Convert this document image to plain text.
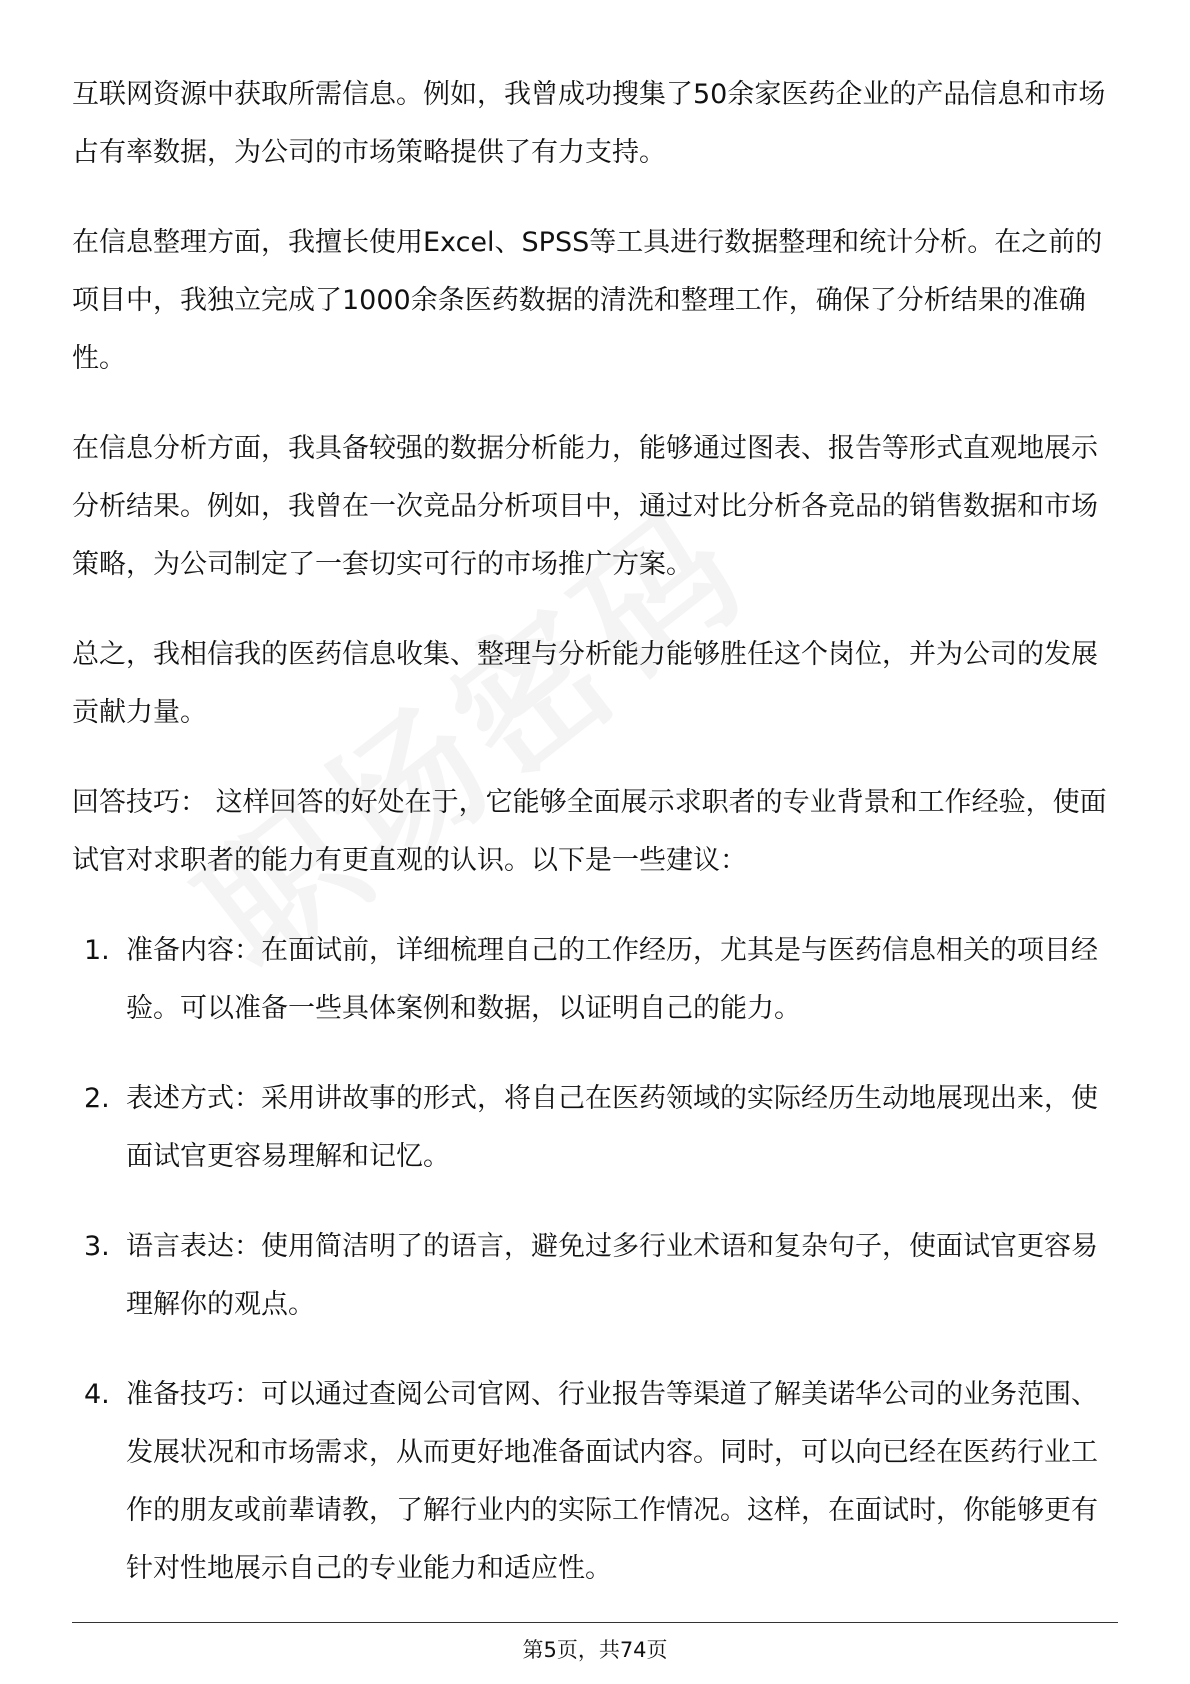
互联网资源中获取所需信息。例如，我曾成功搜集了50余家医药企业的产品信息和市场占有率数据，为公司的市场策略提供了有力支持。

在信息整理方面，我擅长使用Excel、SPSS等工具进行数据整理和统计分析。在之前的项目中，我独立完成了1000余条医药数据的清洗和整理工作，确保了分析结果的准确性。

在信息分析方面，我具备较强的数据分析能力，能够通过图表、报告等形式直观地展示分析结果。例如，我曾在一次竞品分析项目中，通过对比分析各竞品的销售数据和市场策略，为公司制定了一套切实可行的市场推广方案。

总之，我相信我的医药信息收集、整理与分析能力能够胜任这个岗位，并为公司的发展贡献力量。

回答技巧： 这样回答的好处在于，它能够全面展示求职者的专业背景和工作经验，使面试官对求职者的能力有更直观的认识。以下是一些建议：

1. 准备内容：在面试前，详细梳理自己的工作经历，尤其是与医药信息相关的项目经验。可以准备一些具体案例和数据，以证明自己的能力。
2. 表述方式：采用讲故事的形式，将自己在医药领域的实际经历生动地展现出来，使面试官更容易理解和记忆。
3. 语言表达：使用简洁明了的语言，避免过多行业术语和复杂句子，使面试官更容易理解你的观点。
4. 准备技巧：可以通过查阅公司官网、行业报告等渠道了解美诺华公司的业务范围、发展状况和市场需求，从而更好地准备面试内容。同时，可以向已经在医药行业工作的朋友或前辈请教，了解行业内的实际工作情况。这样，在面试时，你能够更有针对性地展示自己的专业能力和适应性。
第5页，共74页
